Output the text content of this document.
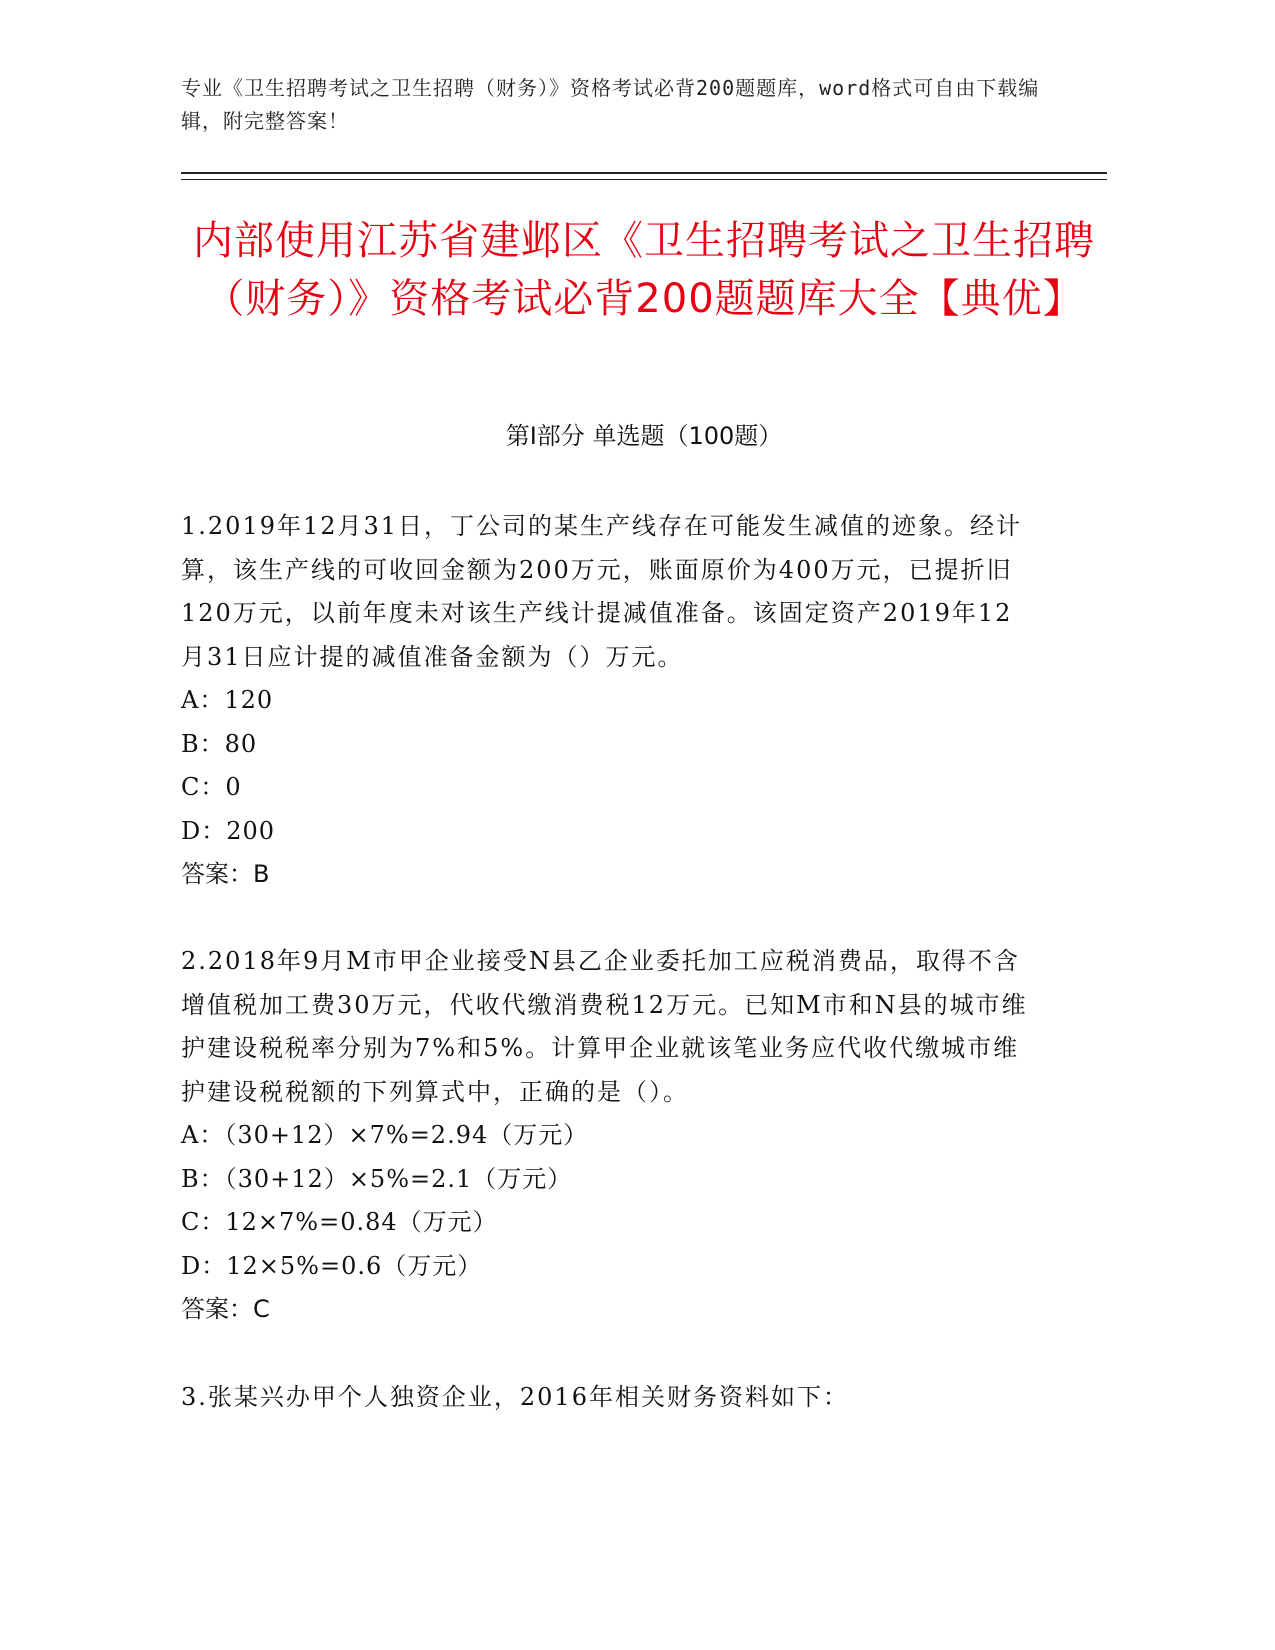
专业《卫生招聘考试之卫生招聘（财务）》资格考试必背200题题库，word格式可自由下载编辑，附完整答案！

内部使用江苏省建邺区《卫生招聘考试之卫生招聘（财务）》资格考试必背200题题库大全【典优】
第Ⅰ部分 单选题（100题）

1.2019年12月31日，丁公司的某生产线存在可能发生减值的迹象。经计算，该生产线的可收回金额为200万元，账面原价为400万元，已提折旧120万元，以前年度未对该生产线计提减值准备。该固定资产2019年12月31日应计提的减值准备金额为（）万元。

A：120

B：80

C：0

D：200

答案：B

2.2018年9月M市甲企业接受N县乙企业委托加工应税消费品，取得不含增值税加工费30万元，代收代缴消费税12万元。已知M市和N县的城市维护建设税税率分别为7%和5%。计算甲企业就该笔业务应代收代缴城市维护建设税税额的下列算式中，正确的是（）。

A：（30+12）×7%=2.94（万元）

B：（30+12）×5%=2.1（万元）

C：12×7%=0.84（万元）

D：12×5%=0.6（万元）

答案：C

3.张某兴办甲个人独资企业，2016年相关财务资料如下：
